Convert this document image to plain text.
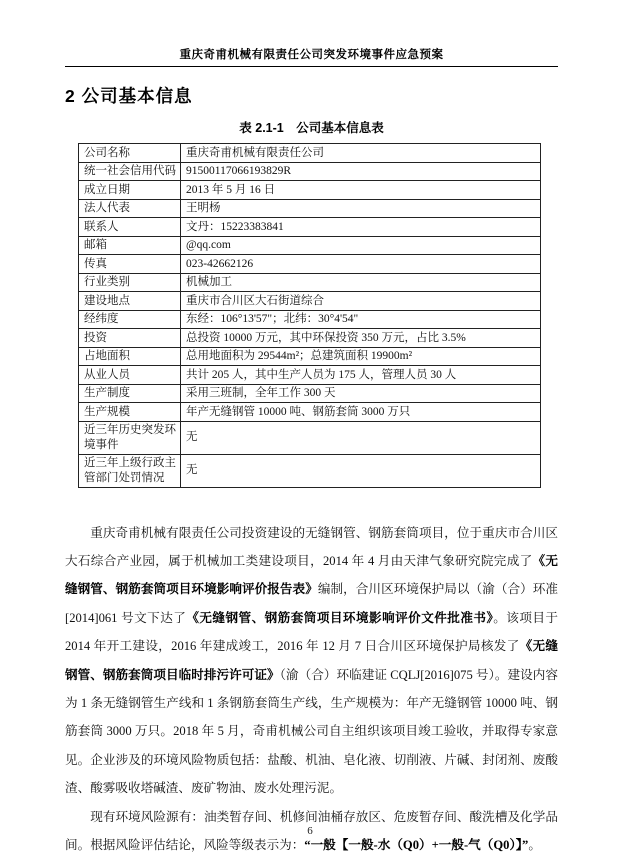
重庆奇甫机械有限责任公司突发环境事件应急预案
2 公司基本信息
表 2.1-1　公司基本信息表
公司名称	重庆奇甫机械有限责任公司
统一社会信用代码	91500117066193829R
成立日期	2013 年 5 月 16 日
法人代表	王明杨
联系人	文丹：15223383841
邮箱	@qq.com
传真	023-42662126
行业类别	机械加工
建设地点	重庆市合川区大石街道综合
经纬度	东经：106°13'57"；北纬：30°4'54"
投资	总投资 10000 万元，其中环保投资 350 万元，占比 3.5%
占地面积	总用地面积为 29544m²；总建筑面积 19900m²
从业人员	共计 205 人，其中生产人员为 175 人，管理人员 30 人
生产制度	采用三班制，全年工作 300 天
生产规模	年产无缝钢管 10000 吨、钢筋套筒 3000 万只
近三年历史突发环境事件	无
近三年上级行政主管部门处罚情况	无

重庆奇甫机械有限责任公司投资建设的无缝钢管、钢筋套筒项目，位于重庆市合川区大石综合产业园，属于机械加工类建设项目，2014 年 4 月由天津气象研究院完成了《无缝钢管、钢筋套筒项目环境影响评价报告表》编制，合川区环境保护局以（渝（合）环准[2014]061 号文下达了《无缝钢管、钢筋套筒项目环境影响评价文件批准书》。该项目于 2014 年开工建设，2016 年建成竣工，2016 年 12 月 7 日合川区环境保护局核发了《无缝钢管、钢筋套筒项目临时排污许可证》（渝（合）环临建证 CQLJ[2016]075 号）。建设内容为 1 条无缝钢管生产线和 1 条钢筋套筒生产线，生产规模为：年产无缝钢管 10000 吨、钢筋套筒 3000 万只。2018 年 5 月，奇甫机械公司自主组织该项目竣工验收，并取得专家意见。企业涉及的环境风险物质包括：盐酸、机油、皂化液、切削液、片碱、封闭剂、废酸渣、酸雾吸收塔碱渣、废矿物油、废水处理污泥。

现有环境风险源有：油类暂存间、机修间油桶存放区、危废暂存间、酸洗槽及化学品间。根据风险评估结论，风险等级表示为：“一般【一般-水（Q0）+一般-气（Q0）】”。

6
